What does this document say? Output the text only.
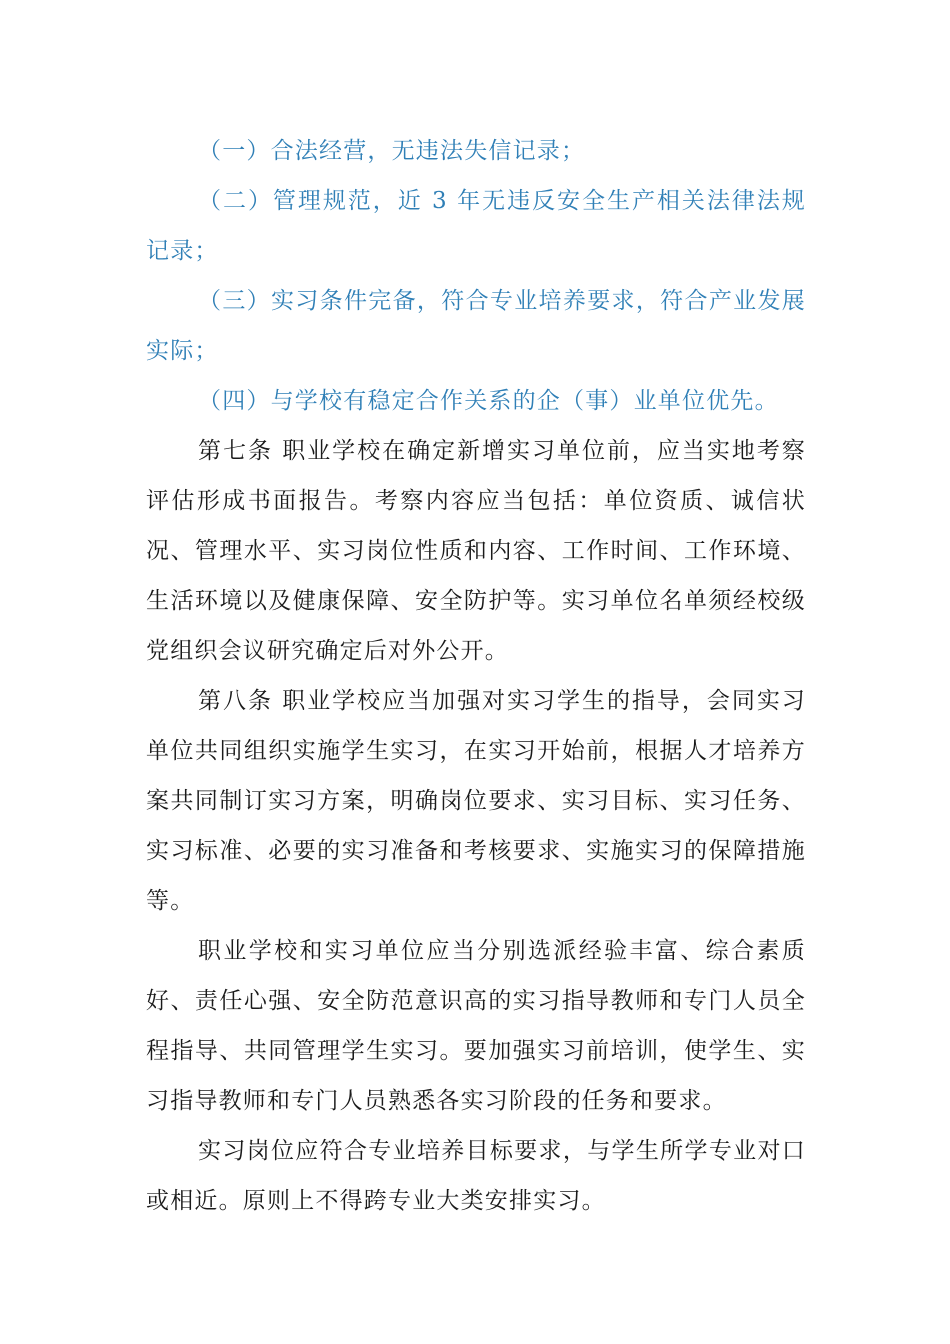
（一）合法经营，无违法失信记录；

（二）管理规范，近 3 年无违反安全生产相关法律法规记录；

（三）实习条件完备，符合专业培养要求，符合产业发展实际；

（四）与学校有稳定合作关系的企（事）业单位优先。

第七条 职业学校在确定新增实习单位前，应当实地考察评估形成书面报告。考察内容应当包括：单位资质、诚信状况、管理水平、实习岗位性质和内容、工作时间、工作环境、生活环境以及健康保障、安全防护等。实习单位名单须经校级党组织会议研究确定后对外公开。

第八条 职业学校应当加强对实习学生的指导，会同实习单位共同组织实施学生实习，在实习开始前，根据人才培养方案共同制订实习方案，明确岗位要求、实习目标、实习任务、实习标准、必要的实习准备和考核要求、实施实习的保障措施等。

职业学校和实习单位应当分别选派经验丰富、综合素质好、责任心强、安全防范意识高的实习指导教师和专门人员全程指导、共同管理学生实习。要加强实习前培训，使学生、实习指导教师和专门人员熟悉各实习阶段的任务和要求。

实习岗位应符合专业培养目标要求，与学生所学专业对口或相近。原则上不得跨专业大类安排实习。
